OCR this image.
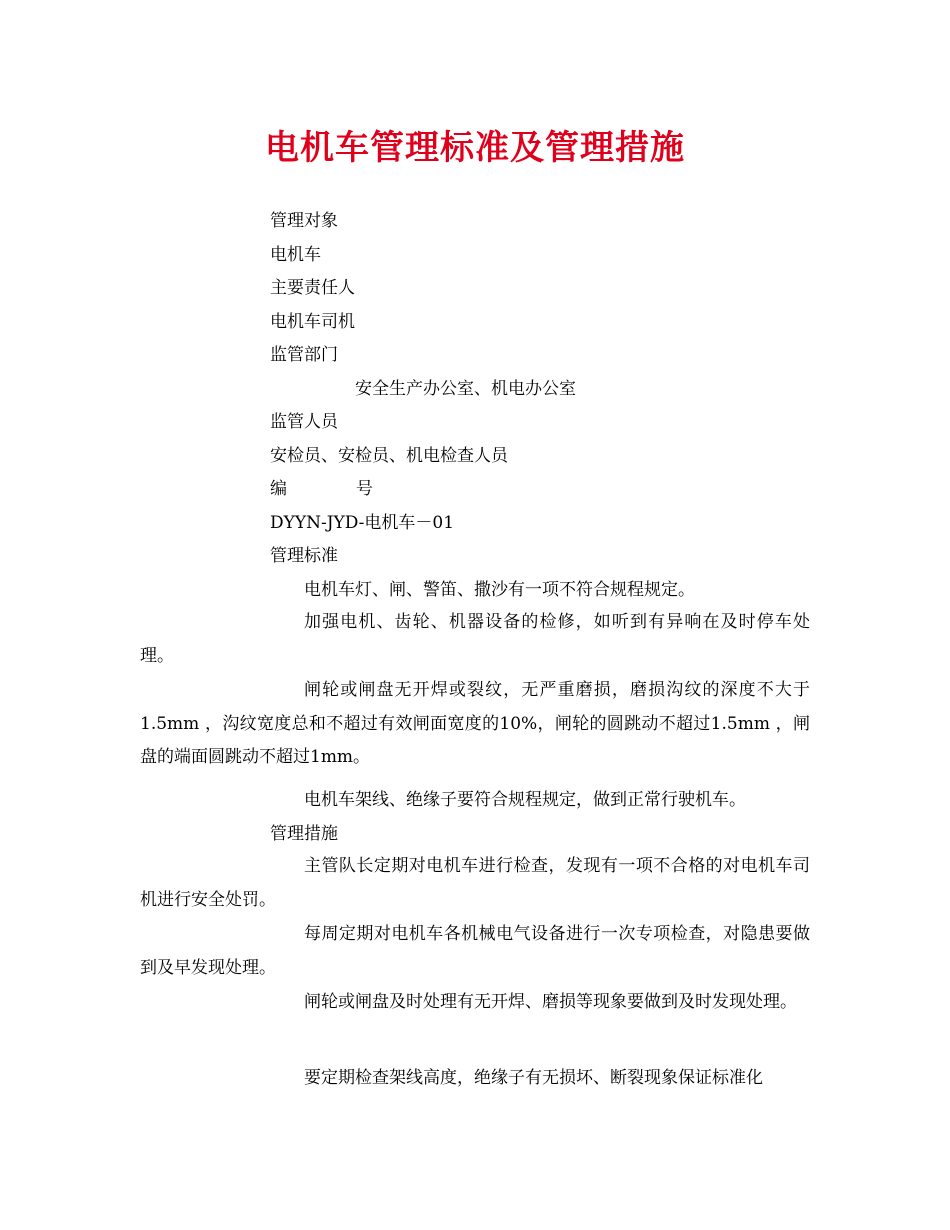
电机车管理标准及管理措施
管理对象
电机车
主要责任人
电机车司机
监管部门
安全生产办公室、机电办公室
监管人员
安检员、安检员、机电检查人员
编	号
DYYN-JYD-电机车－01
管理标准
电机车灯、闸、警笛、撒沙有一项不符合规程规定。
加强电机、齿轮、机器设备的检修，如听到有异响在及时停车处理。
闸轮或闸盘无开焊或裂纹，无严重磨损，磨损沟纹的深度不大于1.5mm ，沟纹宽度总和不超过有效闸面宽度的10%，闸轮的圆跳动不超过1.5mm ，闸盘的端面圆跳动不超过1mm。
电机车架线、绝缘子要符合规程规定，做到正常行驶机车。
管理措施
主管队长定期对电机车进行检查，发现有一项不合格的对电机车司机进行安全处罚。
每周定期对电机车各机械电气设备进行一次专项检查，对隐患要做到及早发现处理。
闸轮或闸盘及时处理有无开焊、磨损等现象要做到及时发现处理。
要定期检查架线高度，绝缘子有无损坏、断裂现象保证标准化
